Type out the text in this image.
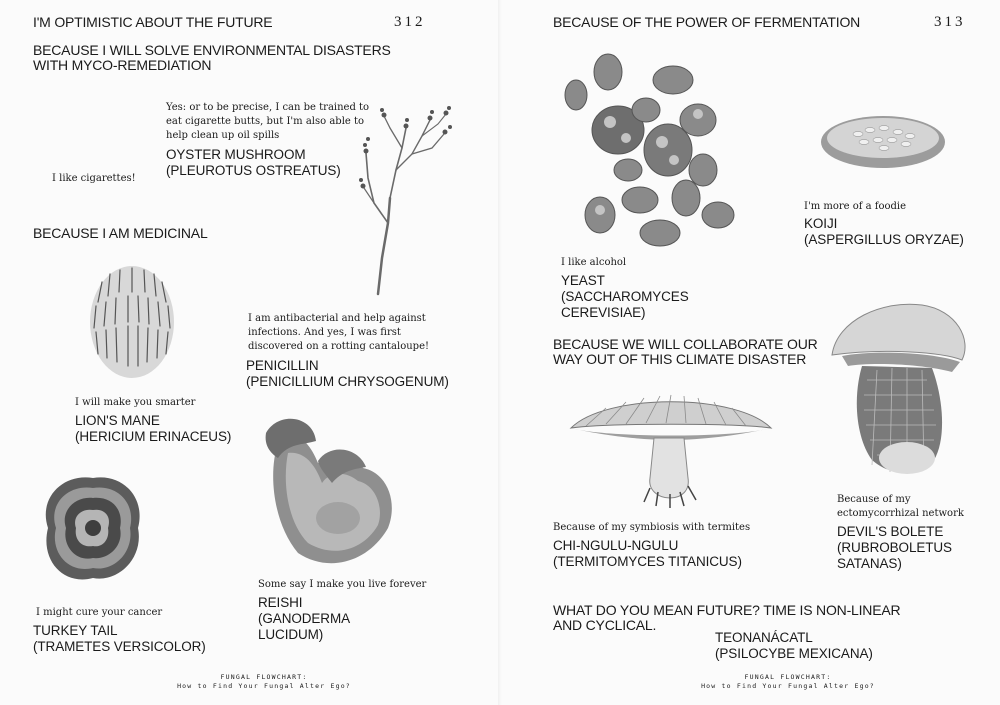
I'M OPTIMISTIC ABOUT THE FUTURE	312
BECAUSE I WILL SOLVE ENVIRONMENTAL DISASTERS
WITH MYCO-REMEDIATION
Yes: or to be precise, I can be trained to
eat cigarette butts, but I'm also able to
help clean up oil spills
OYSTER MUSHROOM
(PLEUROTUS OSTREATUS)
I like cigarettes!
BECAUSE I AM MEDICINAL
I will make you smarter
LION'S MANE
(HERICIUM ERINACEUS)
I am antibacterial and help against
infections. And yes, I was first
discovered on a rotting cantaloupe!
PENICILLIN
(PENICILLIUM CHRYSOGENUM)
Some say I make you live forever
REISHI
(GANODERMA
LUCIDUM)
I might cure your cancer
TURKEY TAIL
(TRAMETES VERSICOLOR)
FUNGAL FLOWCHART:
How to Find Your Fungal Alter Ego?
BECAUSE OF THE POWER OF FERMENTATION	313
I'm more of a foodie
KOIJI
(ASPERGILLUS ORYZAE)
I like alcohol
YEAST
(SACCHAROMYCES
CEREVISIAE)
BECAUSE WE WILL COLLABORATE OUR
WAY OUT OF THIS CLIMATE DISASTER
Because of my symbiosis with termites
CHI-NGULU-NGULU
(TERMITOMYCES TITANICUS)
Because of my
ectomycorrhizal network
DEVIL'S BOLETE
(RUBROBOLETUS
SATANAS)
WHAT DO YOU MEAN FUTURE? TIME IS NON-LINEAR
AND CYCLICAL.
TEONANÁCATL
(PSILOCYBE MEXICANA)
FUNGAL FLOWCHART:
How to Find Your Fungal Alter Ego?
